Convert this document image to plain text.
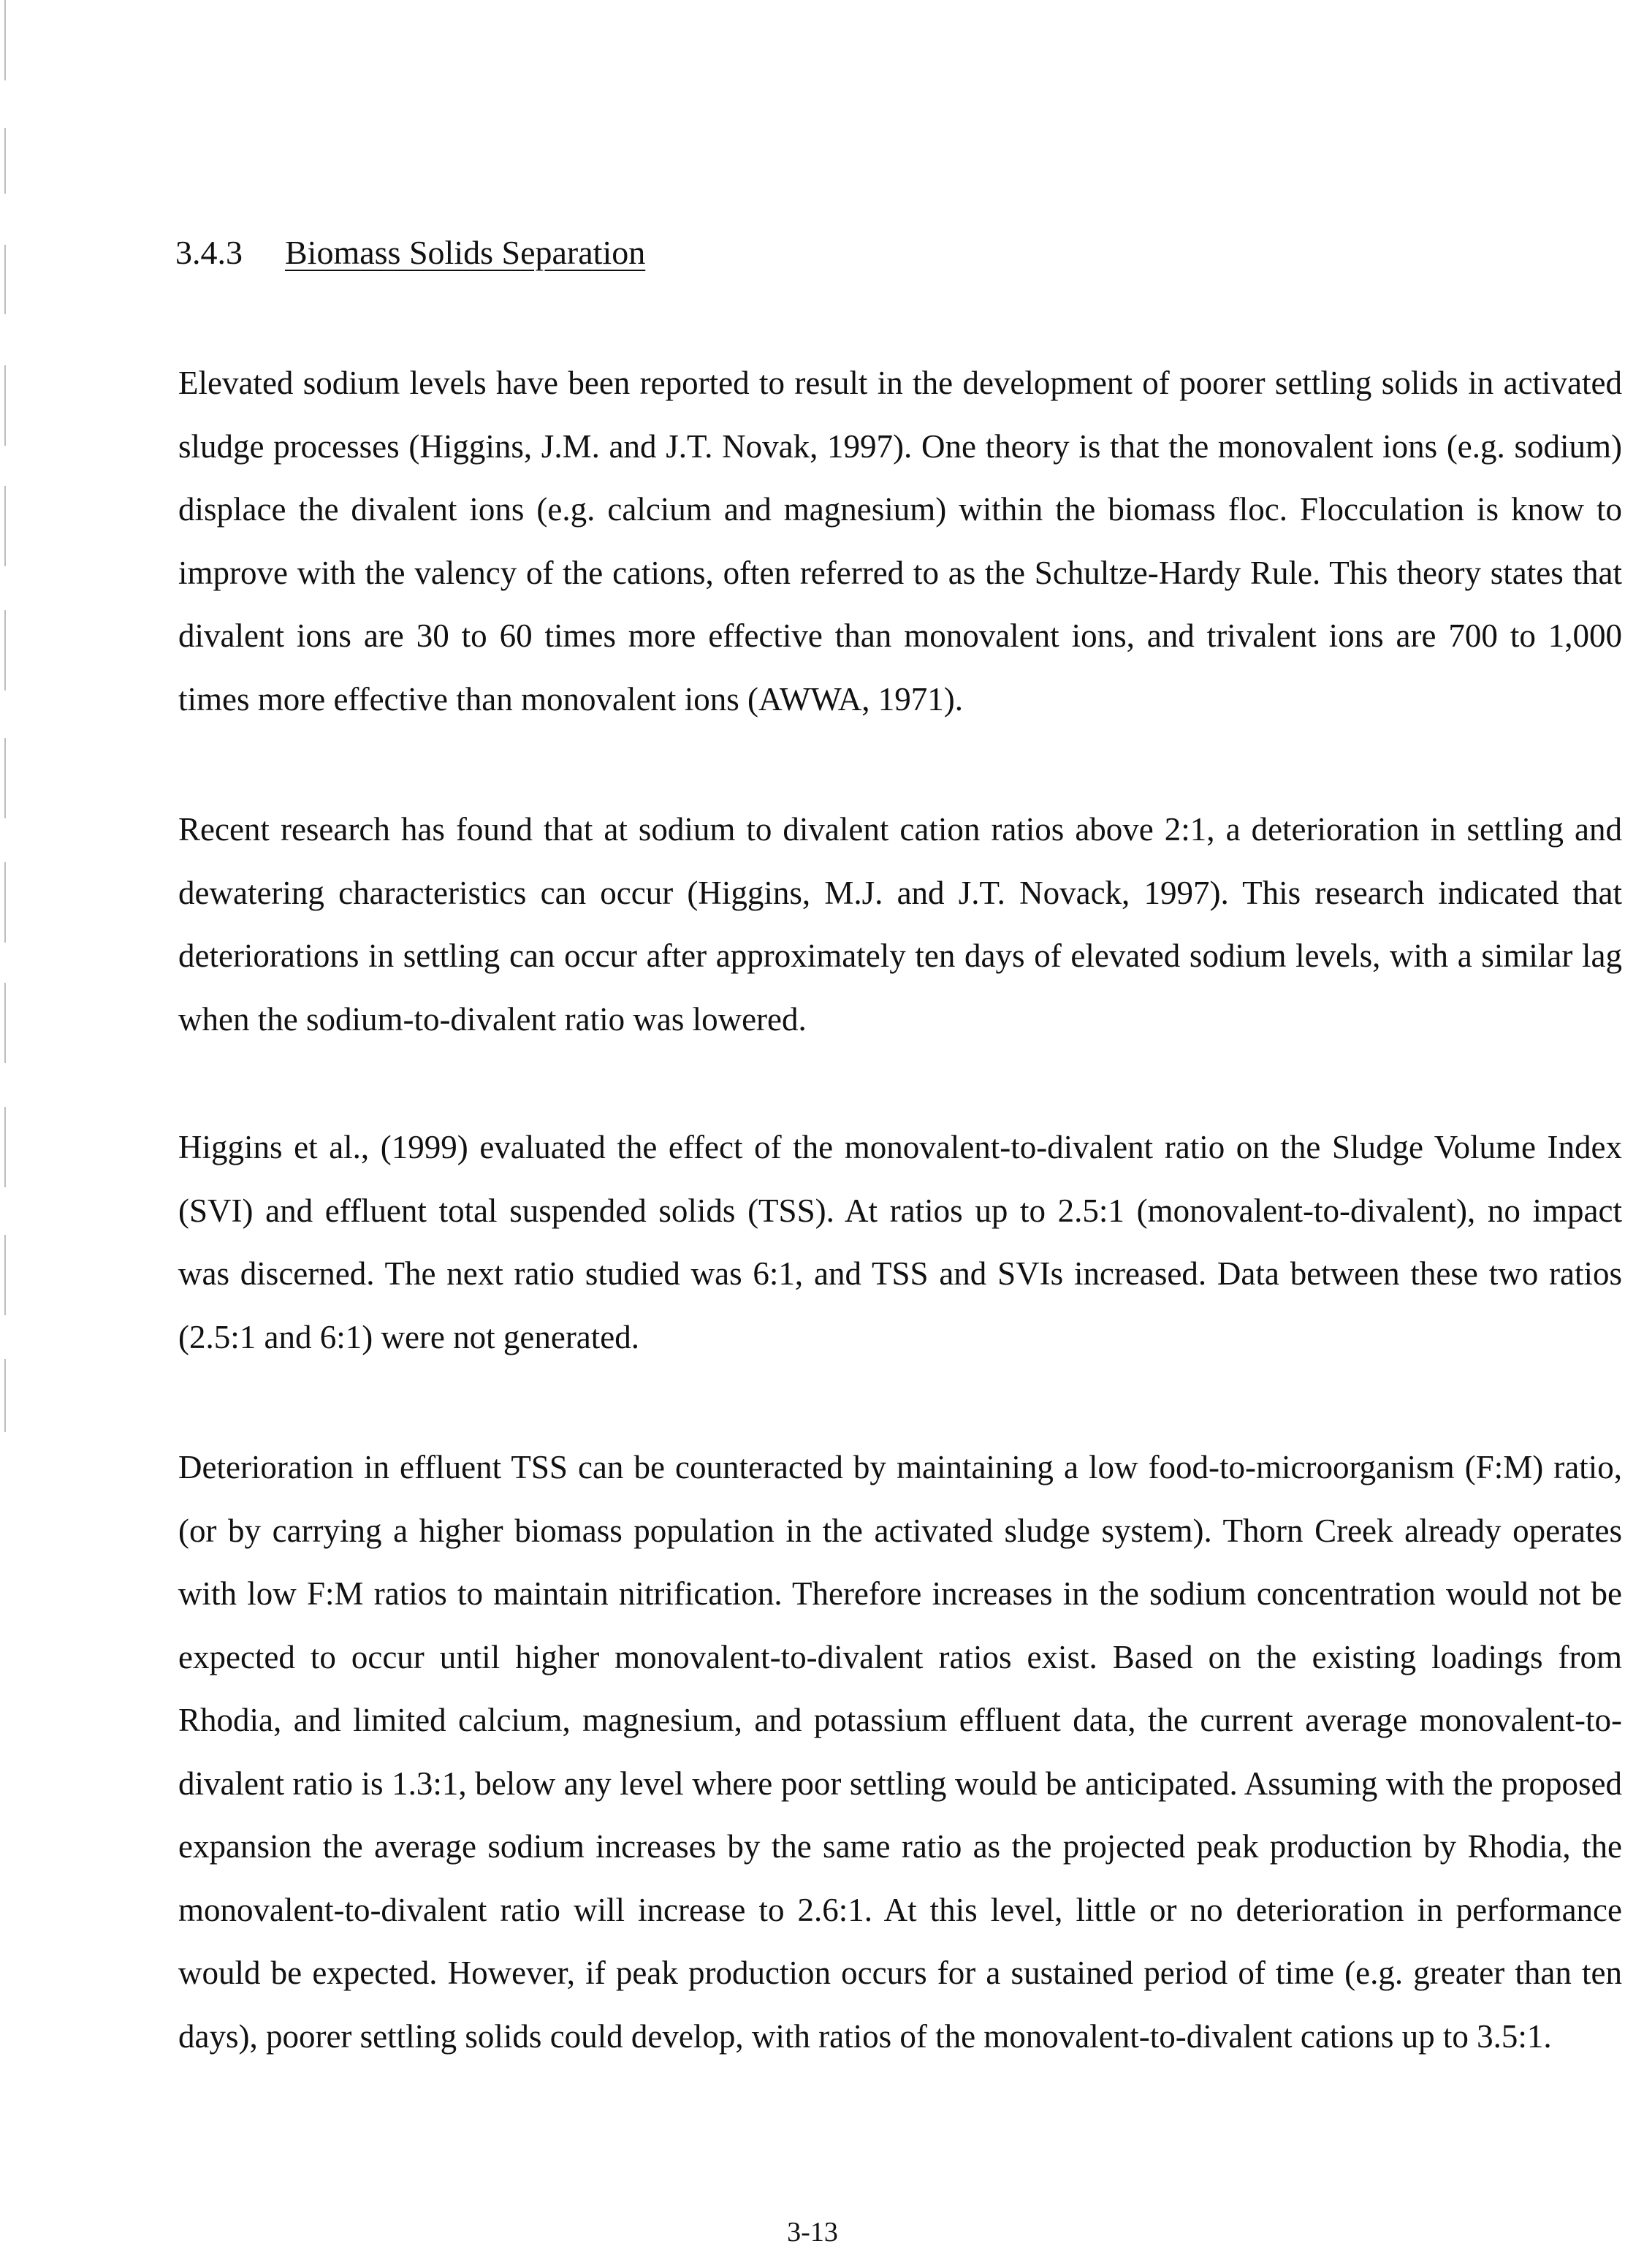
3.4.3 Biomass Solids Separation

Elevated sodium levels have been reported to result in the development of poorer settling solids in activated sludge processes (Higgins, J.M. and J.T. Novak, 1997). One theory is that the monovalent ions (e.g. sodium) displace the divalent ions (e.g. calcium and magnesium) within the biomass floc. Flocculation is know to improve with the valency of the cations, often referred to as the Schultze-Hardy Rule. This theory states that divalent ions are 30 to 60 times more effective than monovalent ions, and trivalent ions are 700 to 1,000 times more effective than monovalent ions (AWWA, 1971).

Recent research has found that at sodium to divalent cation ratios above 2:1, a deterioration in settling and dewatering characteristics can occur (Higgins, M.J. and J.T. Novack, 1997). This research indicated that deteriorations in settling can occur after approximately ten days of elevated sodium levels, with a similar lag when the sodium-to-divalent ratio was lowered.

Higgins et al., (1999) evaluated the effect of the monovalent-to-divalent ratio on the Sludge Volume Index (SVI) and effluent total suspended solids (TSS). At ratios up to 2.5:1 (monovalent-to-divalent), no impact was discerned. The next ratio studied was 6:1, and TSS and SVIs increased. Data between these two ratios (2.5:1 and 6:1) were not generated.

Deterioration in effluent TSS can be counteracted by maintaining a low food-to-microorganism (F:M) ratio, (or by carrying a higher biomass population in the activated sludge system). Thorn Creek already operates with low F:M ratios to maintain nitrification. Therefore increases in the sodium concentration would not be expected to occur until higher monovalent-to-divalent ratios exist. Based on the existing loadings from Rhodia, and limited calcium, magnesium, and potassium effluent data, the current average monovalent-to-divalent ratio is 1.3:1, below any level where poor settling would be anticipated. Assuming with the proposed expansion the average sodium increases by the same ratio as the projected peak production by Rhodia, the monovalent-to-divalent ratio will increase to 2.6:1. At this level, little or no deterioration in performance would be expected. However, if peak production occurs for a sustained period of time (e.g. greater than ten days), poorer settling solids could develop, with ratios of the monovalent-to-divalent cations up to 3.5:1.

3-13
